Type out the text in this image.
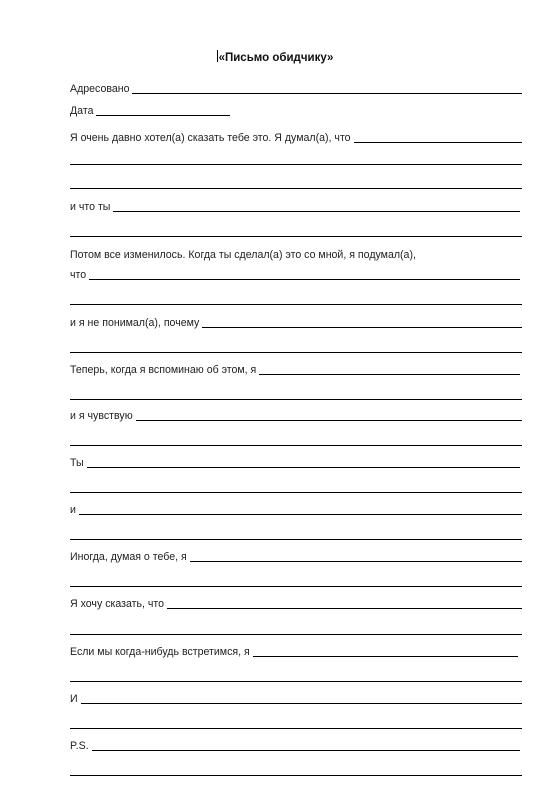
«Письмо обидчику»
Адресовано
Дата
Я очень давно хотел(а) сказать тебе это. Я думал(а), что
и что ты
Потом все изменилось. Когда ты сделал(а) это со мной, я подумал(а),
что
и я не понимал(а), почему
Теперь, когда я вспоминаю об этом, я
и я чувствую
Ты
и
Иногда, думая о тебе, я
Я хочу сказать, что
Если мы когда-нибудь встретимся, я
И
P.S.
